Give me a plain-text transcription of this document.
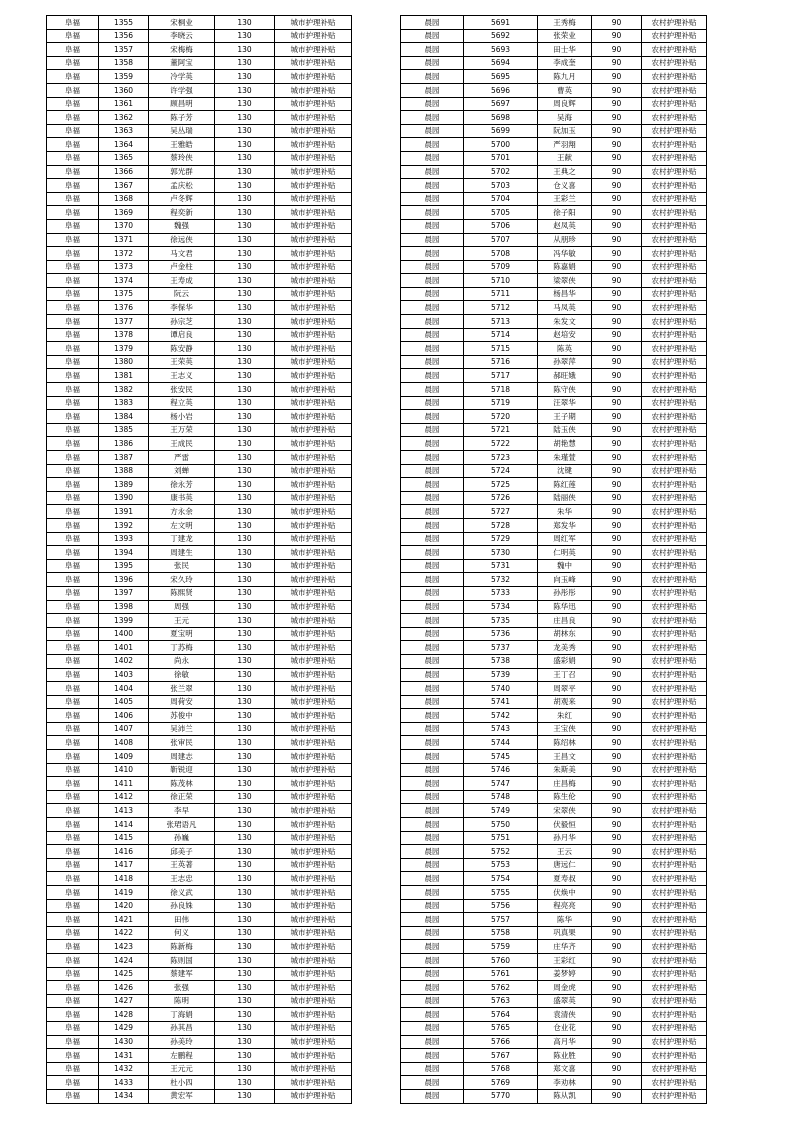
阜福	1355	宋桐业	130	城市护理补贴
阜福	1356	李晓云	130	城市护理补贴
阜福	1357	宋梅梅	130	城市护理补贴
阜福	1358	董阿宝	130	城市护理补贴
阜福	1359	冷学英	130	城市护理补贴
阜福	1360	许学强	130	城市护理补贴
阜福	1361	顾昌明	130	城市护理补贴
阜福	1362	陈子芳	130	城市护理补贴
阜福	1363	吴丛瑞	130	城市护理补贴
阜福	1364	王雅皓	130	城市护理补贴
阜福	1365	蔡玲侠	130	城市护理补贴
阜福	1366	郭光群	130	城市护理补贴
阜福	1367	孟庆松	130	城市护理补贴
阜福	1368	卢冬辉	130	城市护理补贴
阜福	1369	程奕新	130	城市护理补贴
阜福	1370	魏强	130	城市护理补贴
阜福	1371	徐远侠	130	城市护理补贴
阜福	1372	马文君	130	城市护理补贴
阜福	1373	卢金柱	130	城市护理补贴
阜福	1374	王寿成	130	城市护理补贴
阜福	1375	阮云	130	城市护理补贴
阜福	1376	李保华	130	城市护理补贴
阜福	1377	孙宗芝	130	城市护理补贴
阜福	1378	谭启良	130	城市护理补贴
阜福	1379	陈安静	130	城市护理补贴
阜福	1380	王荣英	130	城市护理补贴
阜福	1381	王志义	130	城市护理补贴
阜福	1382	张安民	130	城市护理补贴
阜福	1383	程立英	130	城市护理补贴
阜福	1384	杨小岩	130	城市护理补贴
阜福	1385	王万荣	130	城市护理补贴
阜福	1386	王成民	130	城市护理补贴
阜福	1387	严雷	130	城市护理补贴
阜福	1388	刘蝉	130	城市护理补贴
阜福	1389	徐永芳	130	城市护理补贴
阜福	1390	康书英	130	城市护理补贴
阜福	1391	方永余	130	城市护理补贴
阜福	1392	左文明	130	城市护理补贴
阜福	1393	丁建龙	130	城市护理补贴
阜福	1394	周建生	130	城市护理补贴
阜福	1395	张民	130	城市护理补贴
阜福	1396	宋久玲	130	城市护理补贴
阜福	1397	陈熙贤	130	城市护理补贴
阜福	1398	周强	130	城市护理补贴
阜福	1399	王元	130	城市护理补贴
阜福	1400	夏宝明	130	城市护理补贴
阜福	1401	丁苏梅	130	城市护理补贴
阜福	1402	尚永	130	城市护理补贴
阜福	1403	徐敏	130	城市护理补贴
阜福	1404	张兰翠	130	城市护理补贴
阜福	1405	周荷安	130	城市护理补贴
阜福	1406	苏俊中	130	城市护理补贴
阜福	1407	吴沛兰	130	城市护理补贴
阜福	1408	张审民	130	城市护理补贴
阜福	1409	周建志	130	城市护理补贴
阜福	1410	靳锐迎	130	城市护理补贴
阜福	1411	陈茂林	130	城市护理补贴
阜福	1412	徐正荣	130	城市护理补贴
阜福	1413	李早	130	城市护理补贴
阜福	1414	张珺语凡	130	城市护理补贴
阜福	1415	孙巍	130	城市护理补贴
阜福	1416	邱美子	130	城市护理补贴
阜福	1417	王英著	130	城市护理补贴
阜福	1418	王志忠	130	城市护理补贴
阜福	1419	徐义武	130	城市护理补贴
阜福	1420	孙良姝	130	城市护理补贴
阜福	1421	田伟	130	城市护理补贴
阜福	1422	何义	130	城市护理补贴
阜福	1423	陈新梅	130	城市护理补贴
阜福	1424	陈则国	130	城市护理补贴
阜福	1425	蔡建军	130	城市护理补贴
阜福	1426	张强	130	城市护理补贴
阜福	1427	陈明	130	城市护理补贴
阜福	1428	丁海娟	130	城市护理补贴
阜福	1429	孙其昌	130	城市护理补贴
阜福	1430	孙美玲	130	城市护理补贴
阜福	1431	左鹏程	130	城市护理补贴
阜福	1432	王元元	130	城市护理补贴
阜福	1433	杜小四	130	城市护理补贴
阜福	1434	黄宏军	130	城市护理补贴
晨园	5691	王秀梅	90	农村护理补贴
晨园	5692	张荣业	90	农村护理补贴
晨园	5693	田士华	90	农村护理补贴
晨园	5694	李成奎	90	农村护理补贴
晨园	5695	陈九月	90	农村护理补贴
晨园	5696	曹英	90	农村护理补贴
晨园	5697	周良辉	90	农村护理补贴
晨园	5698	吴海	90	农村护理补贴
晨园	5699	阮加玉	90	农村护理补贴
晨园	5700	严羽翔	90	农村护理补贴
晨园	5701	王献	90	农村护理补贴
晨园	5702	王典之	90	农村护理补贴
晨园	5703	仓义喜	90	农村护理补贴
晨园	5704	王彩兰	90	农村护理补贴
晨园	5705	徐子阳	90	农村护理补贴
晨园	5706	赵凤英	90	农村护理补贴
晨园	5707	从朋珍	90	农村护理补贴
晨园	5708	冯华敏	90	农村护理补贴
晨园	5709	陈嘉娟	90	农村护理补贴
晨园	5710	梁翠侠	90	农村护理补贴
晨园	5711	杨昌华	90	农村护理补贴
晨园	5712	马凤英	90	农村护理补贴
晨园	5713	朱发文	90	农村护理补贴
晨园	5714	赵培安	90	农村护理补贴
晨园	5715	陈英	90	农村护理补贴
晨园	5716	孙翠萍	90	农村护理补贴
晨园	5717	郝旺娥	90	农村护理补贴
晨园	5718	陈守侠	90	农村护理补贴
晨园	5719	汪翠华	90	农村护理补贴
晨园	5720	王子期	90	农村护理补贴
晨园	5721	陆玉侠	90	农村护理补贴
晨园	5722	胡艳慧	90	农村护理补贴
晨园	5723	朱瑾萱	90	农村护理补贴
晨园	5724	沈键	90	农村护理补贴
晨园	5725	陈红莲	90	农村护理补贴
晨园	5726	陆丽侠	90	农村护理补贴
晨园	5727	朱华	90	农村护理补贴
晨园	5728	郑发华	90	农村护理补贴
晨园	5729	周红军	90	农村护理补贴
晨园	5730	仁明英	90	农村护理补贴
晨园	5731	魏中	90	农村护理补贴
晨园	5732	向玉峰	90	农村护理补贴
晨园	5733	孙彤彤	90	农村护理补贴
晨园	5734	陈华迅	90	农村护理补贴
晨园	5735	庄昌良	90	农村护理补贴
晨园	5736	胡林东	90	农村护理补贴
晨园	5737	龙美秀	90	农村护理补贴
晨园	5738	盛彩娟	90	农村护理补贴
晨园	5739	王丁召	90	农村护理补贴
晨园	5740	周翠平	90	农村护理补贴
晨园	5741	胡观来	90	农村护理补贴
晨园	5742	朱红	90	农村护理补贴
晨园	5743	王宝侠	90	农村护理补贴
晨园	5744	陈绍林	90	农村护理补贴
晨园	5745	王昌文	90	农村护理补贴
晨园	5746	朱斯美	90	农村护理补贴
晨园	5747	庄昌梅	90	农村护理补贴
晨园	5748	陈生伦	90	农村护理补贴
晨园	5749	宋翠侠	90	农村护理补贴
晨园	5750	伏毅恒	90	农村护理补贴
晨园	5751	孙月华	90	农村护理补贴
晨园	5752	王云	90	农村护理补贴
晨园	5753	唐远仁	90	农村护理补贴
晨园	5754	夏寿叔	90	农村护理补贴
晨园	5755	伏焕中	90	农村护理补贴
晨园	5756	程亮亮	90	农村护理补贴
晨园	5757	陈华	90	农村护理补贴
晨园	5758	巩真果	90	农村护理补贴
晨园	5759	庄华齐	90	农村护理补贴
晨园	5760	王彩红	90	农村护理补贴
晨园	5761	姜梦婷	90	农村护理补贴
晨园	5762	周金虎	90	农村护理补贴
晨园	5763	盛翠英	90	农村护理补贴
晨园	5764	袁清侠	90	农村护理补贴
晨园	5765	仓业花	90	农村护理补贴
晨园	5766	高月华	90	农村护理补贴
晨园	5767	陈业胜	90	农村护理补贴
晨园	5768	郑文喜	90	农村护理补贴
晨园	5769	李劝林	90	农村护理补贴
晨园	5770	陈从凯	90	农村护理补贴
